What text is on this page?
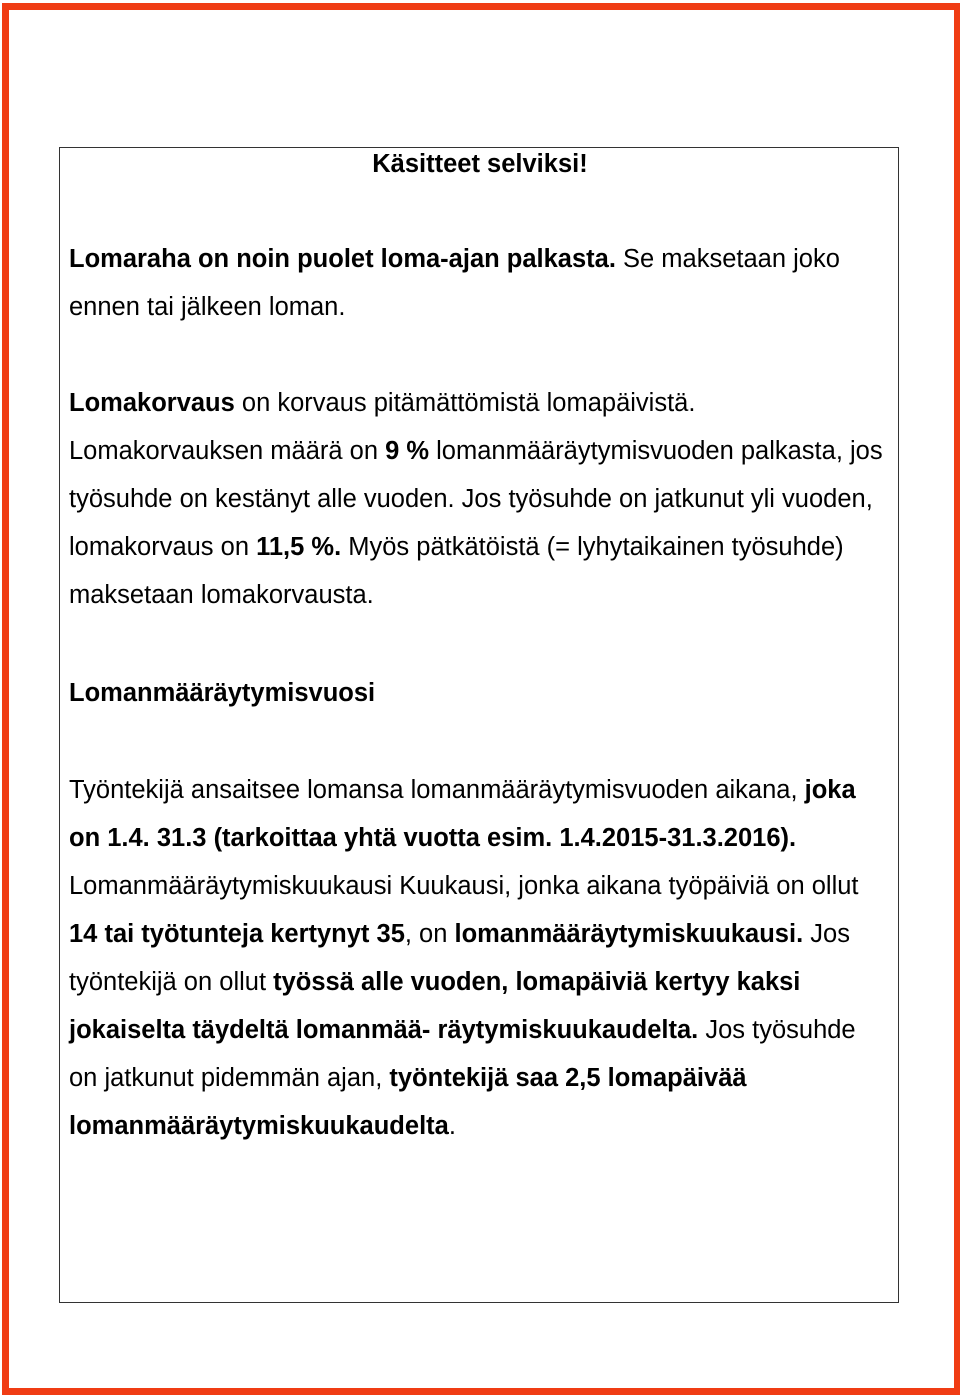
Käsitteet selviksi!

Lomaraha on noin puolet loma-ajan palkasta. Se maksetaan joko ennen tai jälkeen loman.

Lomakorvaus on korvaus pitämättömistä lomapäivistä. Lomakorvauksen määrä on 9 % lomanmääräytymisvuoden palkasta, jos työsuhde on kestänyt alle vuoden. Jos työsuhde on jatkunut yli vuoden, lomakorvaus on 11,5 %. Myös pätkätöistä (= lyhytaikainen työsuhde) maksetaan lomakorvausta.

Lomanmääräytymisvuosi

Työntekijä ansaitsee lomansa lomanmääräytymisvuoden aikana, joka on 1.4. 31.3 (tarkoittaa yhtä vuotta esim. 1.4.2015-31.3.2016). Lomanmääräytymiskuukausi Kuukausi, jonka aikana työpäiviä on ollut 14 tai työtunteja kertynyt 35, on lomanmääräytymiskuukausi. Jos työntekijä on ollut työssä alle vuoden, lomapäiviä kertyy kaksi jokaiselta täydeltä lomanmää- räytymiskuukaudelta. Jos työsuhde on jatkunut pidemmän ajan, työntekijä saa 2,5 lomapäivää lomanmääräytymiskuukaudelta.
